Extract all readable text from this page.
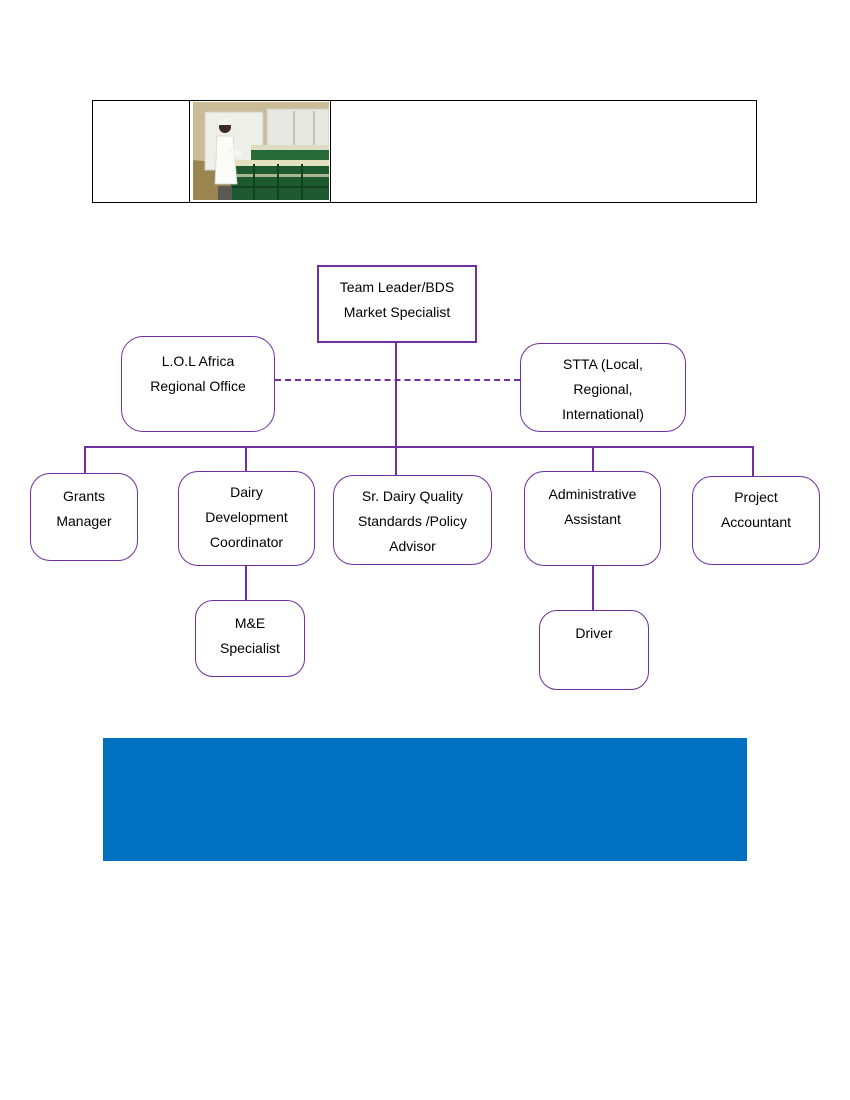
Team Leader/BDS
Market Specialist
L.O.L Africa
Regional Office
STTA (Local,
Regional,
International)
Grants
Manager
Dairy
Development
Coordinator
Sr. Dairy Quality
Standards /Policy
Advisor
Administrative
Assistant
Project
Accountant
M&E
Specialist
Driver
